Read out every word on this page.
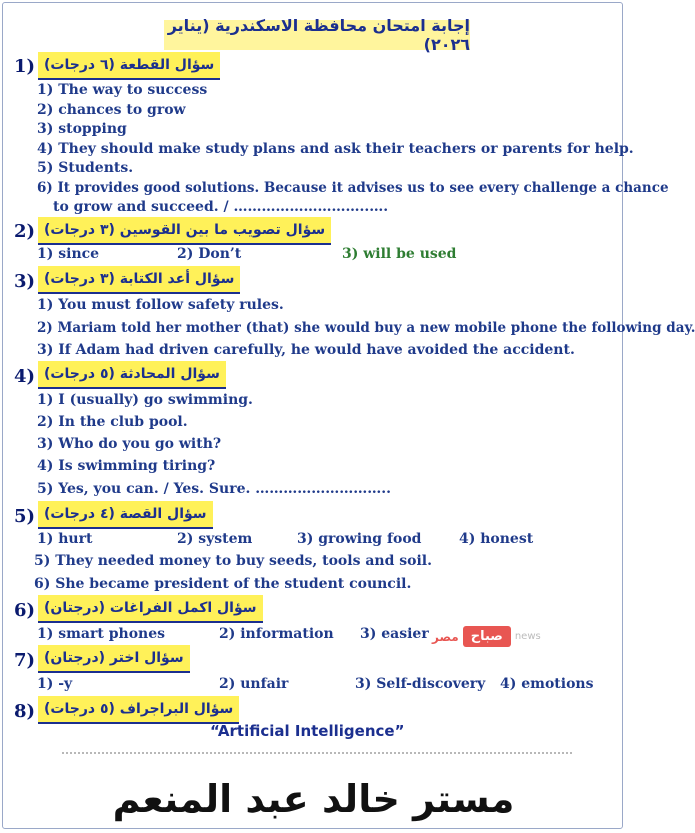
إجابة امتحان محافظة الاسكندرية (يناير ٢٠٢٦)
1) سؤال القطعة (٦ درجات)
1) The way to success
2) chances to grow
3) stopping
4) They should make study plans and ask their teachers or parents for help.
5) Students.
6) It provides good solutions. Because it advises us to see every challenge a chance
to grow and succeed. / ………………………..….
2) سؤال تصويب ما بين القوسين (٣ درجات)
1) since	2) Don’t	3) will be used
3) سؤال أعد الكتابة (٣ درجات)
1) You must follow safety rules.
2) Mariam told her mother (that) she would buy a new mobile phone the following day.
3) If Adam had driven carefully, he would have avoided the accident.
4) سؤال المحادثة (٥ درجات)
1) I (usually) go swimming.
2) In the club pool.
3) Who do you go with?
4) Is swimming tiring?
5) Yes, you can. / Yes. Sure. ………………………..
5) سؤال القصة (٤ درجات)
1) hurt	2) system	3) growing food	4) honest
5) They needed money to buy seeds, tools and soil.
6) She became president of the student council.
6) سؤال اكمل الفراغات (درجتان)
1) smart phones	2) information 3) easier مصر صباح	news
7) سؤال اختر (درجتان)
1) -y	2) unfair	3) Self-discovery 4) emotions
8) سؤال البراجراف (٥ درجات)
“Artificial Intelligence”
مستر خالد عبد المنعم
